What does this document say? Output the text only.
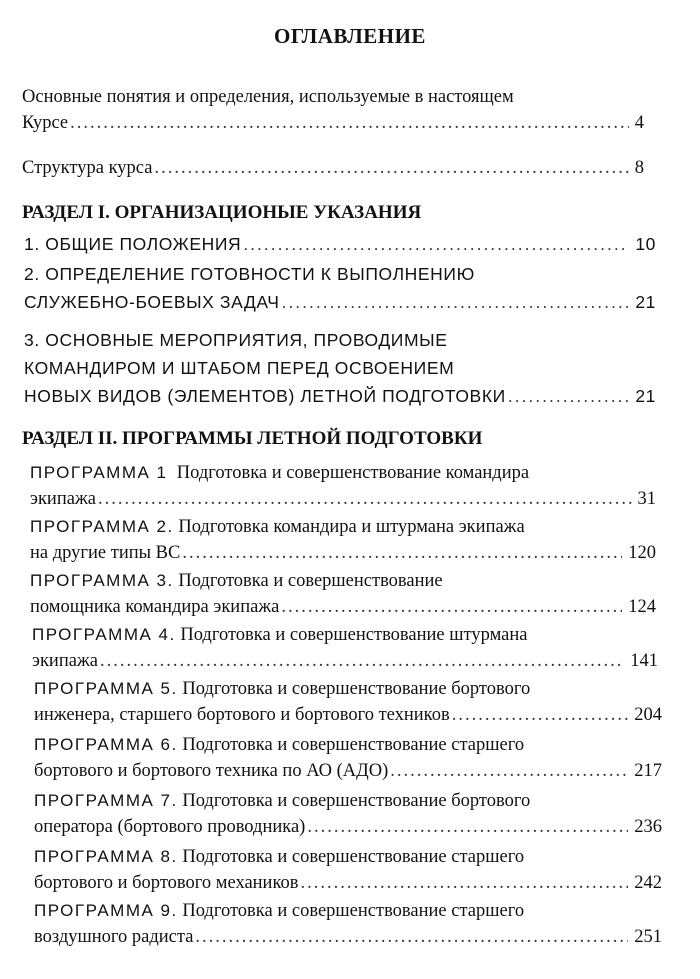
ОГЛАВЛЕНИЕ
Основные понятия и определения, используемые в настоящем
Курсе .....	4
Структура курса .....	8
РАЗДЕЛ I. ОРГАНИЗАЦИОНЫЕ УКАЗАНИЯ
1. ОБЩИЕ ПОЛОЖЕНИЯ .....	10
2. ОПРЕДЕЛЕНИЕ ГОТОВНОСТИ К ВЫПОЛНЕНИЮ
СЛУЖЕБНО-БОЕВЫХ ЗАДАЧ .....	21
3. ОСНОВНЫЕ МЕРОПРИЯТИЯ, ПРОВОДИМЫЕ
КОМАНДИРОМ И ШТАБОМ ПЕРЕД ОСВОЕНИЕМ
НОВЫХ ВИДОВ (ЭЛЕМЕНТОВ) ЛЕТНОЙ ПОДГОТОВКИ .....	21
РАЗДЕЛ II. ПРОГРАММЫ ЛЕТНОЙ ПОДГОТОВКИ
ПРОГРАММА 1 Подготовка и совершенствование командира
экипажа .....	31
ПРОГРАММА 2. Подготовка командира и штурмана экипажа
на другие типы ВС .....	120
ПРОГРАММА 3. Подготовка и совершенствование
помощника командира экипажа .....	124
ПРОГРАММА 4. Подготовка и совершенствование штурмана
экипажа .....	141
ПРОГРАММА 5. Подготовка и совершенствование бортового
инженера, старшего бортового и бортового техников .....	204
ПРОГРАММА 6. Подготовка и совершенствование старшего
бортового и бортового техника по АО (АДО) .....	217
ПРОГРАММА 7. Подготовка и совершенствование бортового
оператора (бортового проводника) .....	236
ПРОГРАММА 8. Подготовка и совершенствование старшего
бортового и бортового механиков .....	242
ПРОГРАММА 9. Подготовка и совершенствование старшего
воздушного радиста .....	251
